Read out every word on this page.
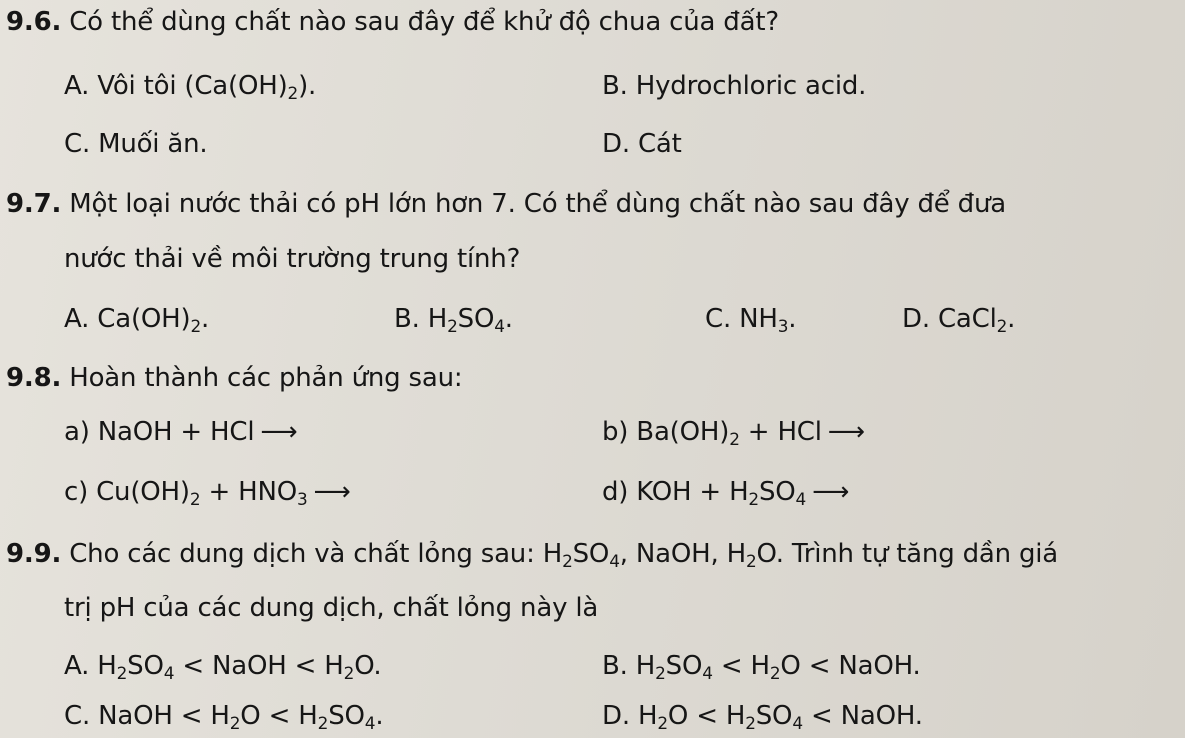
9.6. Có thể dùng chất nào sau đây để khử độ chua của đất?
A. Vôi tôi $(Ca(OH)_2)$.	B. Hydrochloric acid.
C. Muối ăn.	D. Cát
9.7. Một loại nước thải có pH lớn hơn 7. Có thể dùng chất nào sau đây để đưa
nước thải về môi trường trung tính?
A. $Ca(OH)_2$.	B. $H_2SO_4$.	C. $NH_3$.	D. CaCl$_2$.
9.8. Hoàn thành các phản ứng sau:
a) NaOH + HCl ⟶	b) $Ba(OH)_2$ + HCl ⟶
c) $Cu(OH)_2 + HNO_3$ ⟶	d) KOH + $H_2SO_4$ ⟶
9.9. Cho các dung dịch và chất lỏng sau: $H_2SO_4$, NaOH, $H_2O$. Trình tự tăng dần giá
trị pH của các dung dịch, chất lỏng này là
A. $H_2SO_4$ < NaOH < $H_2O$.	B. $H_2SO_4 < H_2O$ < NaOH.
C. NaOH < $H_2O < H_2SO_4$.	D. $H_2O < H_2SO_4$ < NaOH.
